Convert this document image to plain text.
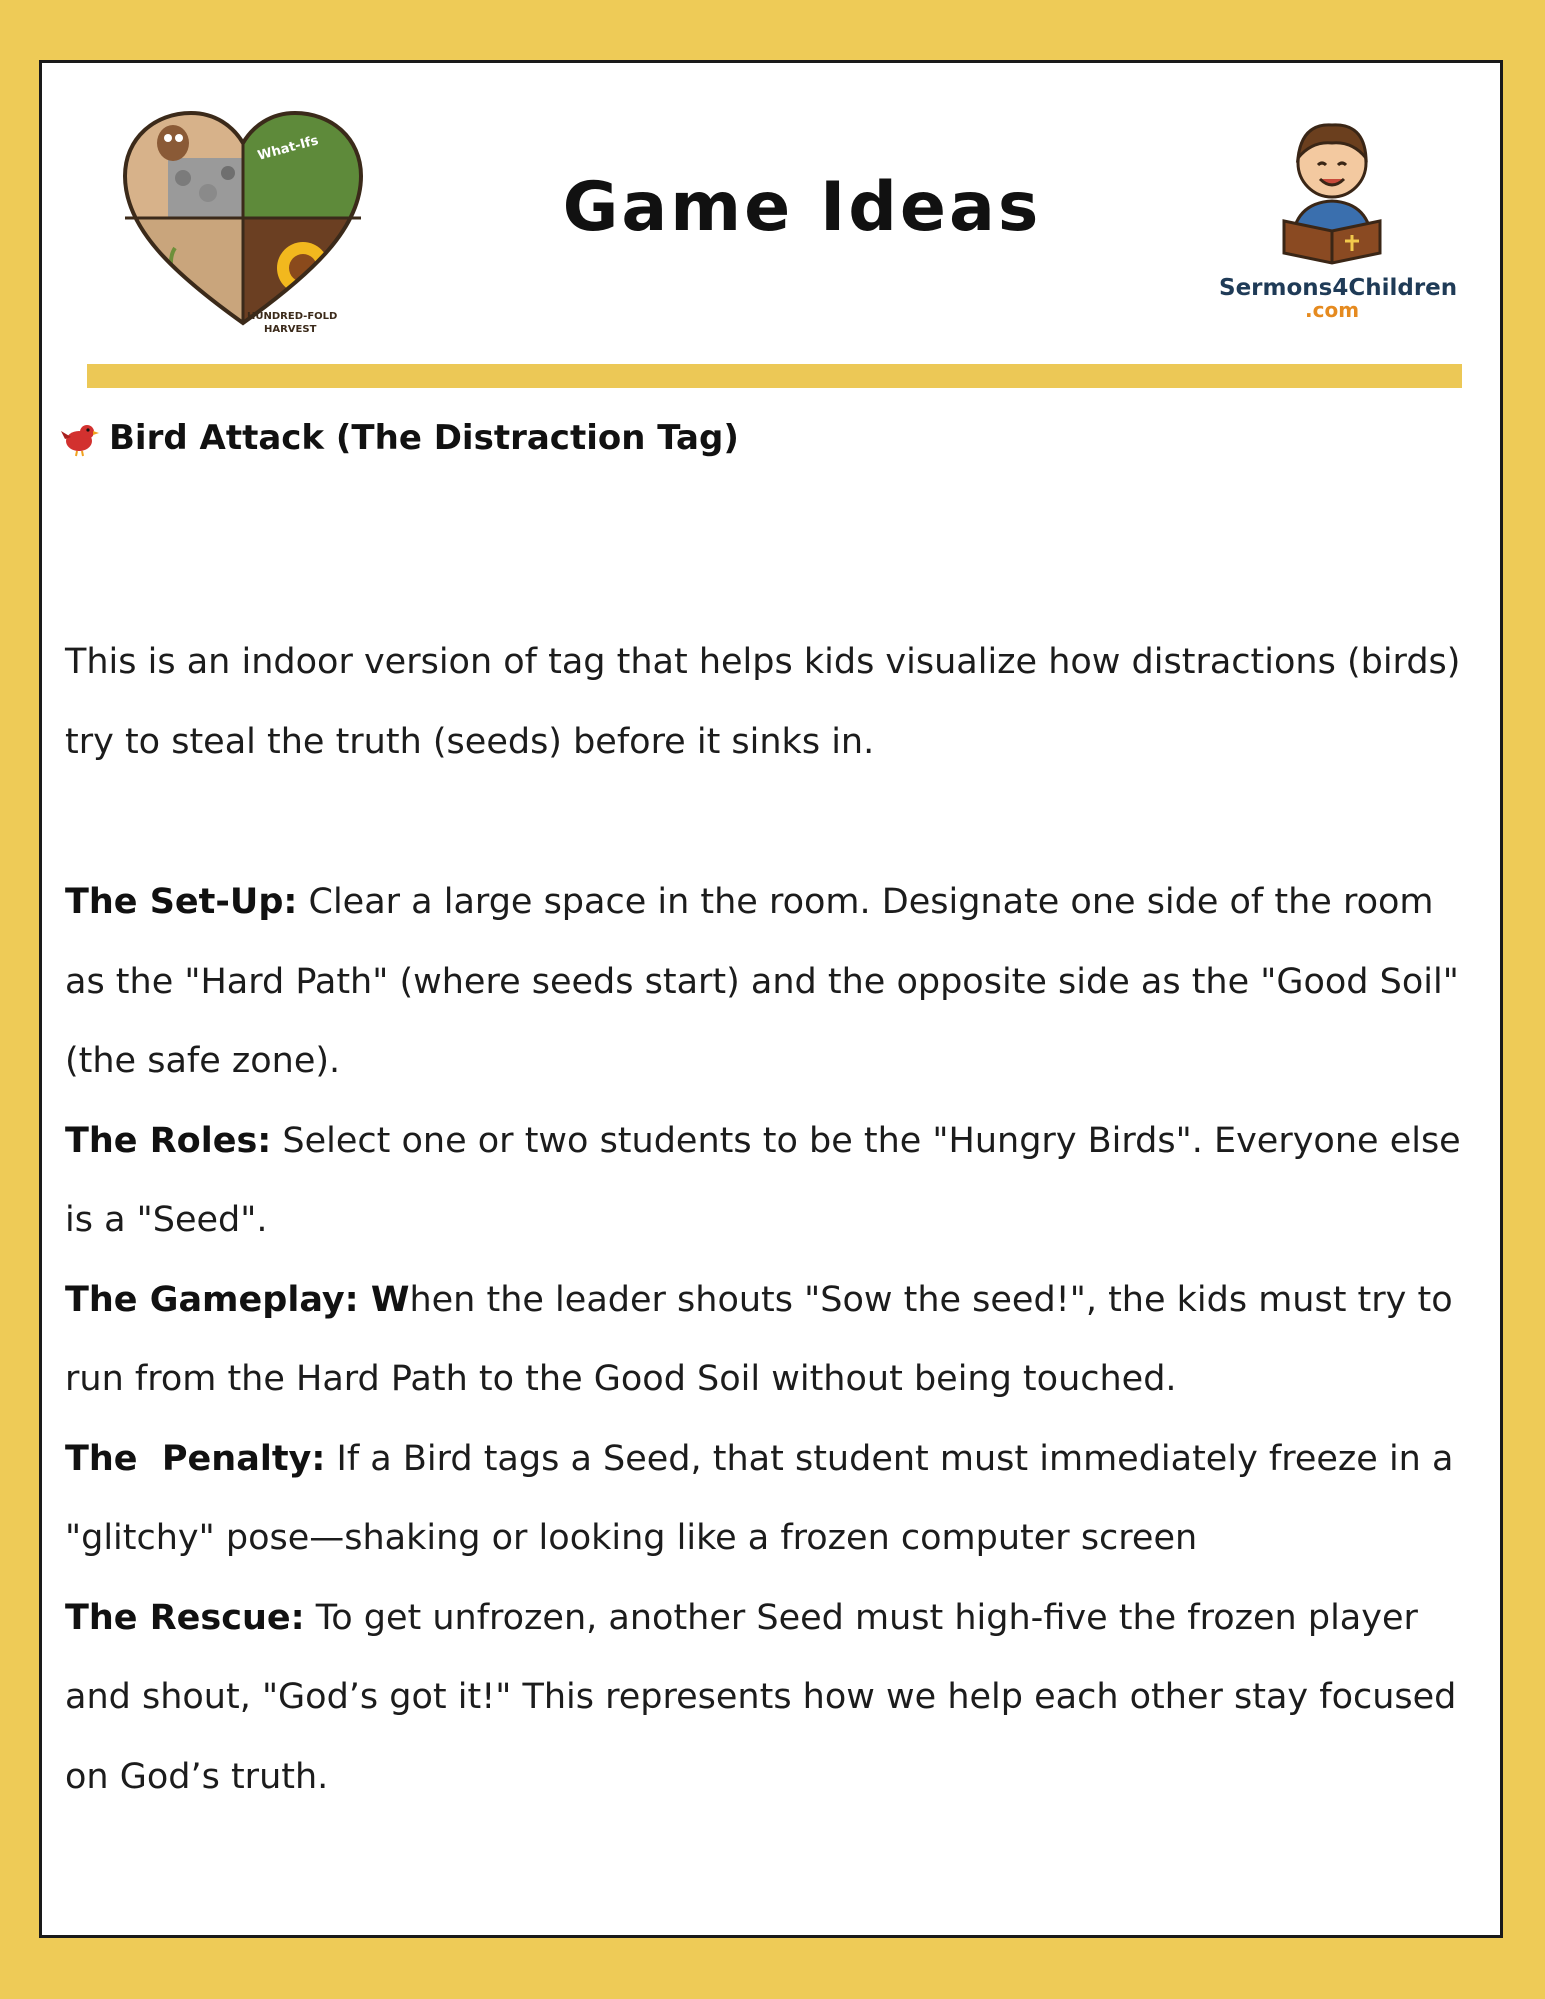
What-Ifs
HUNDRED-FOLD
HARVEST
Game Ideas
Sermons4Children
.com
Bird Attack (The Distraction Tag)

This is an indoor version of tag that helps kids visualize how distractions (birds) try to steal the truth (seeds) before it sinks in.

The Set-Up: Clear a large space in the room. Designate one side of the room as the "Hard Path" (where seeds start) and the opposite side as the "Good Soil" (the safe zone).

The Roles: Select one or two students to be the "Hungry Birds". Everyone else is a "Seed".

The Gameplay: When the leader shouts "Sow the seed!", the kids must try to run from the Hard Path to the Good Soil without being touched.

The  Penalty: If a Bird tags a Seed, that student must immediately freeze in a "glitchy" pose—shaking or looking like a frozen computer screen

The Rescue: To get unfrozen, another Seed must high-five the frozen player and shout, "God’s got it!" This represents how we help each other stay focused on God’s truth.
